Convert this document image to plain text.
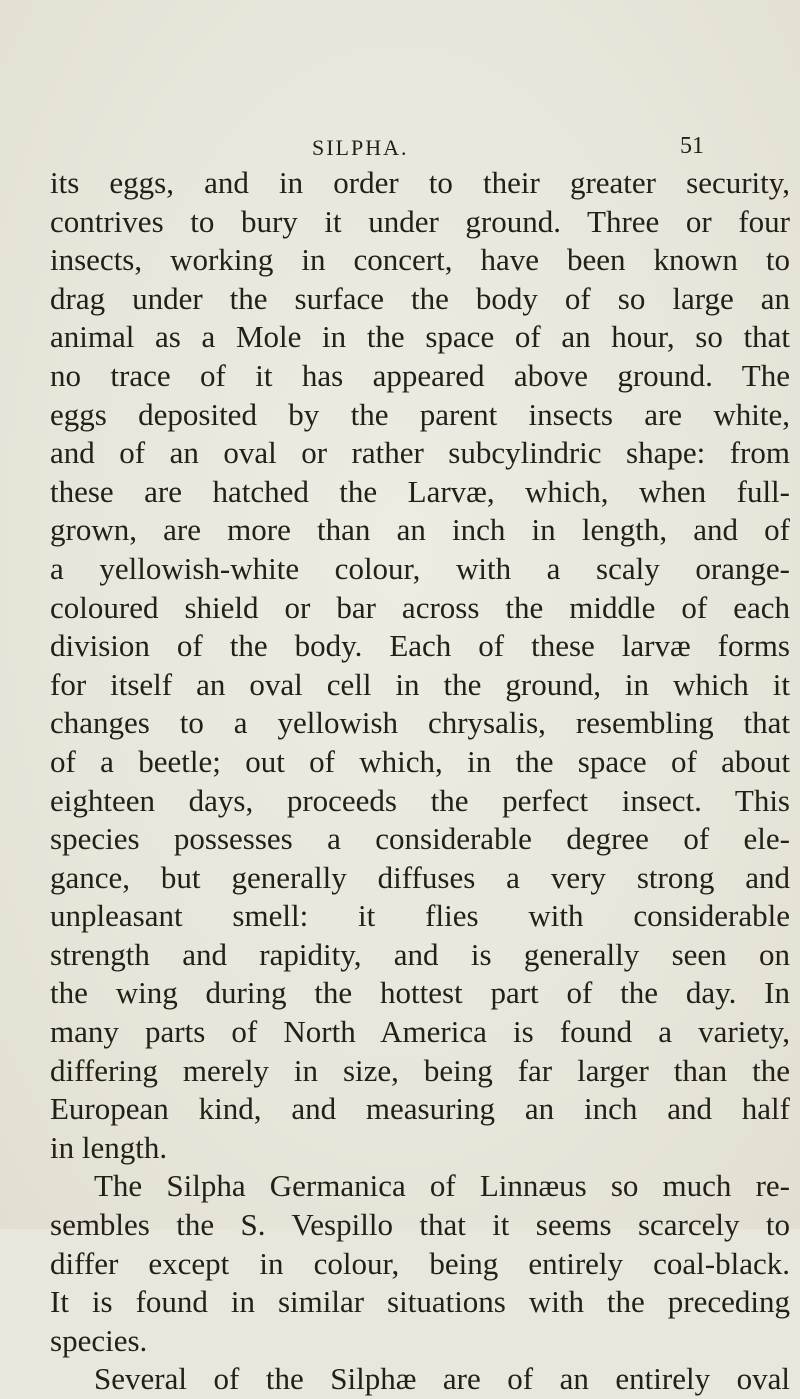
SILPHA.	51
its eggs, and in order to their greater security,
contrives to bury it under ground. Three or four
insects, working in concert, have been known to
drag under the surface the body of so large an
animal as a Mole in the space of an hour, so that
no trace of it has appeared above ground. The
eggs deposited by the parent insects are white,
and of an oval or rather subcylindric shape: from
these are hatched the Larvæ, which, when full-
grown, are more than an inch in length, and of
a yellowish-white colour, with a scaly orange-
coloured shield or bar across the middle of each
division of the body. Each of these larvæ forms
for itself an oval cell in the ground, in which it
changes to a yellowish chrysalis, resembling that
of a beetle; out of which, in the space of about
eighteen days, proceeds the perfect insect. This
species possesses a considerable degree of ele-
gance, but generally diffuses a very strong and
unpleasant smell: it flies with considerable
strength and rapidity, and is generally seen on
the wing during the hottest part of the day. In
many parts of North America is found a variety,
differing merely in size, being far larger than the
European kind, and measuring an inch and half
in length.
The Silpha Germanica of Linnæus so much re-
sembles the S. Vespillo that it seems scarcely to
differ except in colour, being entirely coal-black.
It is found in similar situations with the preceding
species.
Several of the Silphæ are of an entirely oval
